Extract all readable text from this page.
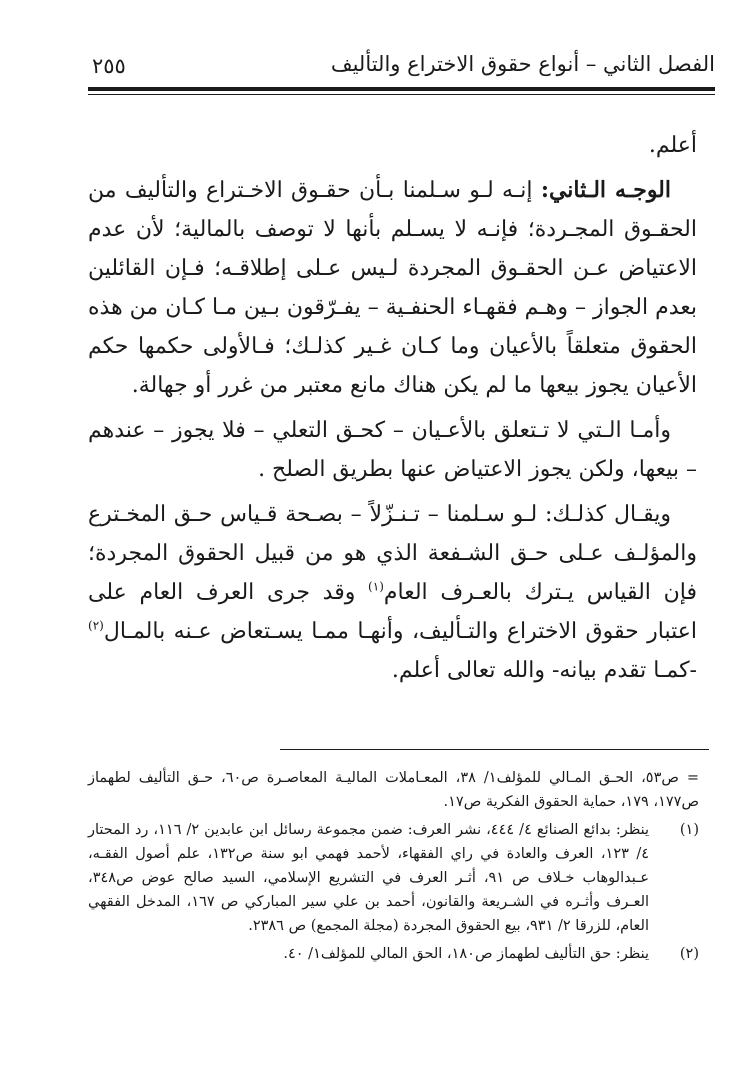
الفصل الثاني – أنواع حقوق الاختراع والتأليف
٢٥٥

أعلم.

الوجـه الـثاني: إنـه لـو سـلمنا بـأن حقـوق الاخـتراع والتأليف من الحقـوق المجـردة؛ فإنـه لا يسـلم بأنها لا توصف بالمالية؛ لأن عدم الاعتياض عـن الحقـوق المجردة لـيس عـلى إطلاقـه؛ فـإن القائلين بعدم الجواز – وهـم فقهـاء الحنفـية – يفـرّقون بـين مـا كـان من هذه الحقوق متعلقاً بالأعيان وما كـان غـير كذلـك؛ فـالأولى حكمها حكم الأعيان يجوز بيعها ما لم يكن هناك مانع معتبر من غرر أو جهالة.

وأمـا الـتي لا تـتعلق بالأعـيان – كحـق التعلي – فلا يجوز – عندهم – بيعها، ولكن يجوز الاعتياض عنها بطريق الصلح .

ويقـال كذلـك: لـو سـلمنا – تـنـزّلاً – بصـحة قـياس حـق المخـترع والمؤلـف عـلى حـق الشـفعة الذي هو من قبيل الحقوق المجردة؛ فإن القياس يـترك بالعـرف العام$^{(١)}$ وقد جرى العرف العام على اعتبار حقوق الاختراع والتـأليف، وأنهـا ممـا يسـتعاض عـنه بالمـال$^{(٢)}$ -كمـا تقدم بيانه- والله تعالى أعلم.

= ص٥٣، الحـق المـالي للمؤلف١/ ٣٨، المعـاملات الماليـة المعاصـرة ص٦٠، حـق التأليف لطهماز ص١٧٧، ١٧٩، حماية الحقوق الفكرية ص١٧.
(١)
ينظر: بدائع الصنائع ٤/ ٤٤٤، نشر العرف: ضمن مجموعة رسائل ابن عابدين ٢/ ١١٦، رد المحتار ٤/ ١٢٣، العرف والعادة في راي الفقهاء، لأحمد فهمي ابو سنة ص١٣٢، علم أصول الفقـه، عـبدالوهاب خـلاف ص ٩١، أثـر العرف في التشريع الإسلامي، السيد صالح عوض ص٣٤٨، العـرف وأثـره في الشـريعة والقانون، أحمد بن علي سير المباركي ص ١٦٧، المدخل الفقهي العام، للزرقا ٢/ ٩٣١، بيع الحقوق المجردة (مجلة المجمع) ص ٢٣٨٦.
(٢)
ينظر: حق التأليف لطهماز ص١٨٠، الحق المالي للمؤلف١/ ٤٠.
